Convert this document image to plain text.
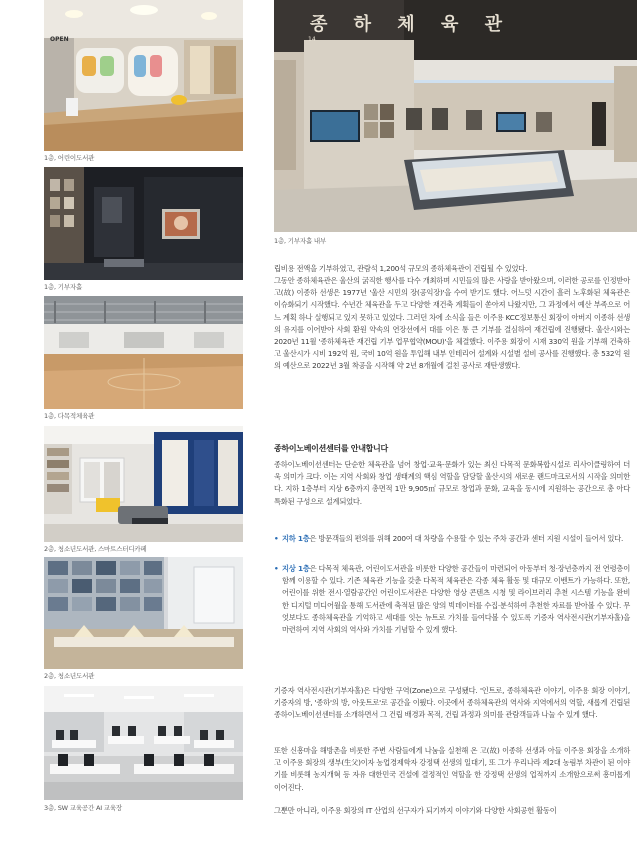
OPEN
1층, 어린이도서관
1층, 기부자홀
1층, 다목적체육관
2층, 청소년도서관, 스마트스터디카페
2층, 청소년도서관
3층, SW 교육공간 AI 교육장
종 하 체 육 관
14
1층, 기부자홀 내부

립비용 전액을 기부하였고, 관람석 1,200석 규모의 종하체육관이 건립될 수 있었다.

그동안 종하체육관은 울산의 굵직한 행사를 다수 개최하며 시민들의 많은 사랑을 받아왔으며, 이러한 공로를 인정받아 고(故) 이종하 선생은 1977년 '울산 시민의 장(공익장)'을 수여 받기도 했다. 어느덧 시간이 흘러 노후화된 체육관은 이슈화되기 시작했다. 수년간 체육관을 두고 다양한 재건축 계획들이 쏟아져 나왔지만, 그 과정에서 예산 부족으로 어느 계획 하나 실행되고 있지 못하고 있었다. 그러던 차에 소식을 들은 이주용 KCC정보통신 회장이 아버지 이종하 선생의 유지를 이어받아 사회 환원 약속의 연장선에서 대를 이은 통 큰 기부를 결심하여 재건립에 진행됐다. 울산시와는 2020년 11월 '종하체육관 재건립 기부 업무협약(MOU)'을 체결했다. 이주용 회장이 시재 330억 원을 기부해 건축하고 울산시가 시비 192억 원, 국비 10억 원을 투입해 내부 인테리어 설계와 시설별 설비 공사를 진행했다. 총 532억 원의 예산으로 2022년 3월 착공을 시작해 약 2년 8개월에 걸친 공사로 재탄생했다.

종하이노베이션센터를 안내합니다

종하이노베이션센터는 단순한 체육관을 넘어 창업·교육·문화가 있는 최신 다목적 문화복합시설로 리사이클링하여 더욱 의미가 크다. 이는 지역 사회와 창업 생태계의 핵심 역할을 담당할 울산시의 새로운 랜드마크로서의 시작을 의미한다. 지하 1층부터 지상 6층까지 총면적 1만 9,905㎡ 규모로 창업과 문화, 교육을 동시에 지원하는 공간으로 총 아다 특화된 구성으로 설계되었다.

• 지하 1층은 방문객들의 편의를 위해 200여 대 차량을 수용할 수 있는 주차 공간과 센터 지원 시설이 들어서 있다.
• 지상 1층은 다목적 체육관, 어린이도서관을 비롯한 다양한 공간들이 마련되어 아동부터 청·장년층까지 전 연령층이 함께 이용할 수 있다. 기존 체육관 기능을 갖춘 다목적 체육관은 각종 체육 활동 및 대규모 이벤트가 가능하다. 또한, 어린이를 위한 전시·열람공간인 어린이도서관은 다양한 영상 콘텐츠 시청 및 라이브러리 추천 시스템 기능을 완비한 디지털 미디어월을 통해 도서관에 축적된 많은 양의 빅데이터를 수집·분석하여 추천한 자료를 받아볼 수 있다. 무엇보다도 종하체육관을 기억하고 세대를 잇는 뉴트로 가치를 들여다볼 수 있도록 기증자 역사전시관(기부자홀)을 마련하여 지역 사회의 역사와 가치를 기념할 수 있게 했다.

기증자 역사전시관(기부자홀)은 다양한 구역(Zone)으로 구성됐다. '인트로, 종하체육관 이야기, 이주용 회장 이야기, 기증자의 방, '종하'의 방, 아웃트로'로 공간을 이뤘다. 이곳에서 종하체육관의 역사와 지역에서의 역할, 새롭게 건립된 종하이노베이션센터를 소개하면서 그 건립 배경과 목적, 건립 과정과 의미를 관람객들과 나눌 수 있게 했다.

또한 신흥마을 해방촌을 비롯한 주변 사람들에게 나눔을 실천해 온 고(故) 이종하 선생과 아들 이주용 회장을 소개하고 이주용 회장의 생부(生父)이자 농업경제학자 강정택 선생의 일대기, 또 그가 우리나라 제2대 농림부 차관이 된 이야기를 비롯해 농지개혁 등 자유 대한민국 건설에 결정적인 역할을 한 강정택 선생의 업적까지 소개함으로써 흥미롭게 이어진다.

그뿐만 아니라, 이주용 회장의 IT 산업의 선구자가 되기까지 이야기와 다양한 사회공헌 활동이
